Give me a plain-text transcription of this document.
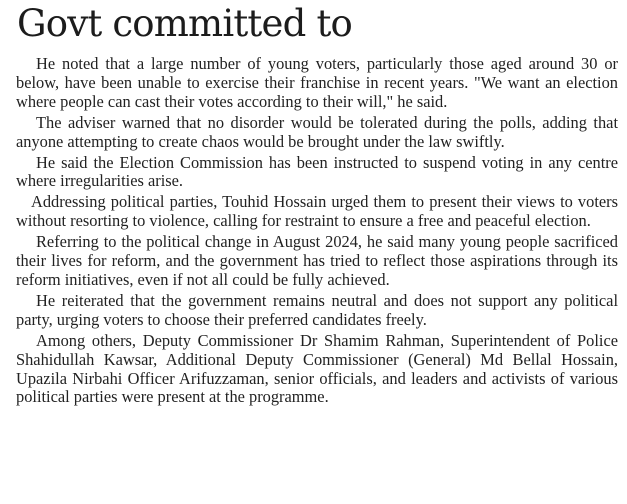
Govt committed to

He noted that a large number of young voters, particularly those aged around 30 or below, have been unable to exercise their franchise in recent years. "We want an election where people can cast their votes according to their will," he said.

The adviser warned that no disorder would be tolerated during the polls, adding that anyone attempting to create chaos would be brought under the law swiftly.

He said the Election Commission has been instructed to suspend voting in any centre where irregularities arise.

Addressing political parties, Touhid Hossain urged them to present their views to voters without resorting to violence, calling for restraint to ensure a free and peaceful election.

Referring to the political change in August 2024, he said many young people sacrificed their lives for reform, and the government has tried to reflect those aspirations through its reform initiatives, even if not all could be fully achieved.

He reiterated that the government remains neutral and does not support any political party, urging voters to choose their preferred candidates freely.

Among others, Deputy Commissioner Dr Shamim Rahman, Superintendent of Police Shahidullah Kawsar, Additional Deputy Commissioner (General) Md Bellal Hossain, Upazila Nirbahi Officer Arifuzzaman, senior officials, and leaders and activists of various political parties were present at the programme.
